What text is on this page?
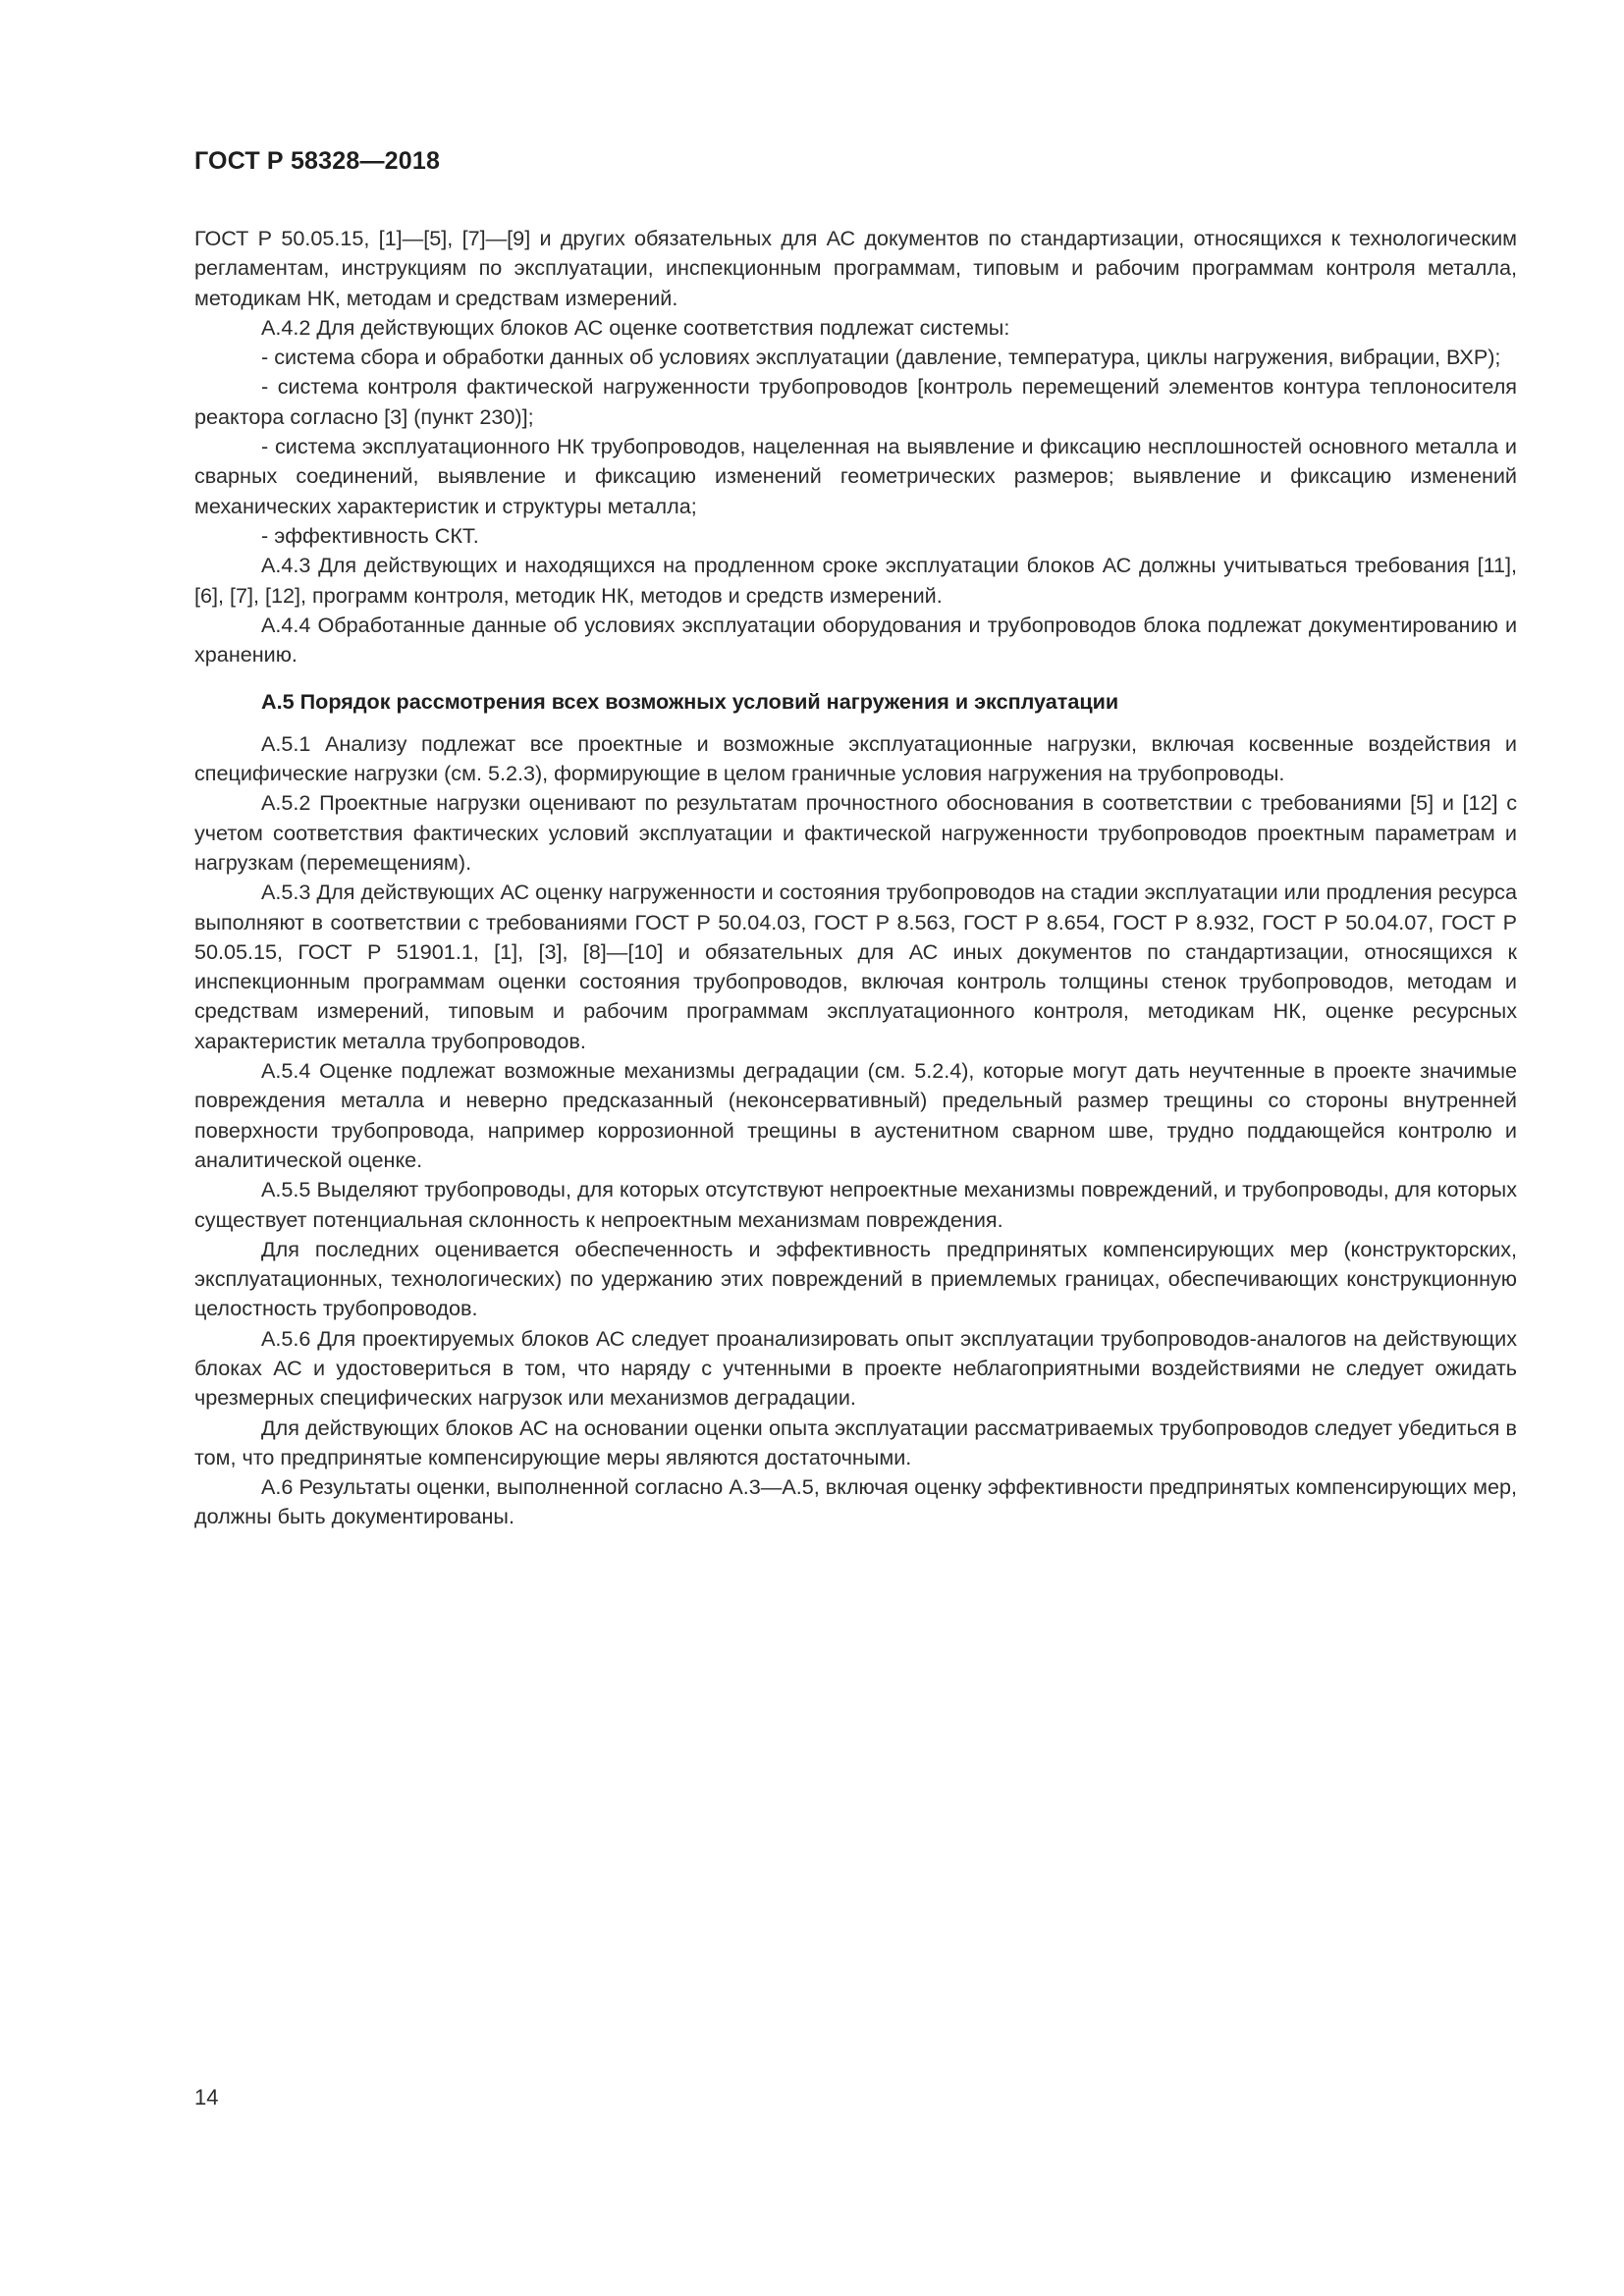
ГОСТ Р 58328—2018

ГОСТ Р 50.05.15, [1]—[5], [7]—[9] и других обязательных для АС документов по стандартизации, относящихся к технологическим регламентам, инструкциям по эксплуатации, инспекционным программам, типовым и рабочим программам контроля металла, методикам НК, методам и средствам измерений.

А.4.2 Для действующих блоков АС оценке соответствия подлежат системы:

- система сбора и обработки данных об условиях эксплуатации (давление, температура, циклы нагружения, вибрации, ВХР);

- система контроля фактической нагруженности трубопроводов [контроль перемещений элементов контура теплоносителя реактора согласно [3] (пункт 230)];

- система эксплуатационного НК трубопроводов, нацеленная на выявление и фиксацию несплошностей основного металла и сварных соединений, выявление и фиксацию изменений геометрических размеров; выявление и фиксацию изменений механических характеристик и структуры металла;

- эффективность СКТ.

А.4.3 Для действующих и находящихся на продленном сроке эксплуатации блоков АС должны учитываться требования [11], [6], [7], [12], программ контроля, методик НК, методов и средств измерений.

А.4.4 Обработанные данные об условиях эксплуатации оборудования и трубопроводов блока подлежат документированию и хранению.

А.5 Порядок рассмотрения всех возможных условий нагружения и эксплуатации

А.5.1 Анализу подлежат все проектные и возможные эксплуатационные нагрузки, включая косвенные воздействия и специфические нагрузки (см. 5.2.3), формирующие в целом граничные условия нагружения на трубопроводы.

А.5.2 Проектные нагрузки оценивают по результатам прочностного обоснования в соответствии с требованиями [5] и [12] с учетом соответствия фактических условий эксплуатации и фактической нагруженности трубопроводов проектным параметрам и нагрузкам (перемещениям).

А.5.3 Для действующих АС оценку нагруженности и состояния трубопроводов на стадии эксплуатации или продления ресурса выполняют в соответствии с требованиями ГОСТ Р 50.04.03, ГОСТ Р 8.563, ГОСТ Р 8.654, ГОСТ Р 8.932, ГОСТ Р 50.04.07, ГОСТ Р 50.05.15, ГОСТ Р 51901.1, [1], [3], [8]—[10] и обязательных для АС иных документов по стандартизации, относящихся к инспекционным программам оценки состояния трубопроводов, включая контроль толщины стенок трубопроводов, методам и средствам измерений, типовым и рабочим программам эксплуатационного контроля, методикам НК, оценке ресурсных характеристик металла трубопроводов.

А.5.4 Оценке подлежат возможные механизмы деградации (см. 5.2.4), которые могут дать неучтенные в проекте значимые повреждения металла и неверно предсказанный (неконсервативный) предельный размер трещины со стороны внутренней поверхности трубопровода, например коррозионной трещины в аустенитном сварном шве, трудно поддающейся контролю и аналитической оценке.

А.5.5 Выделяют трубопроводы, для которых отсутствуют непроектные механизмы повреждений, и трубопроводы, для которых существует потенциальная склонность к непроектным механизмам повреждения.

Для последних оценивается обеспеченность и эффективность предпринятых компенсирующих мер (конструкторских, эксплуатационных, технологических) по удержанию этих повреждений в приемлемых границах, обеспечивающих конструкционную целостность трубопроводов.

А.5.6 Для проектируемых блоков АС следует проанализировать опыт эксплуатации трубопроводов-аналогов на действующих блоках АС и удостовериться в том, что наряду с учтенными в проекте неблагоприятными воздействиями не следует ожидать чрезмерных специфических нагрузок или механизмов деградации.

Для действующих блоков АС на основании оценки опыта эксплуатации рассматриваемых трубопроводов следует убедиться в том, что предпринятые компенсирующие меры являются достаточными.

А.6 Результаты оценки, выполненной согласно А.3—А.5, включая оценку эффективности предпринятых компенсирующих мер, должны быть документированы.

14
